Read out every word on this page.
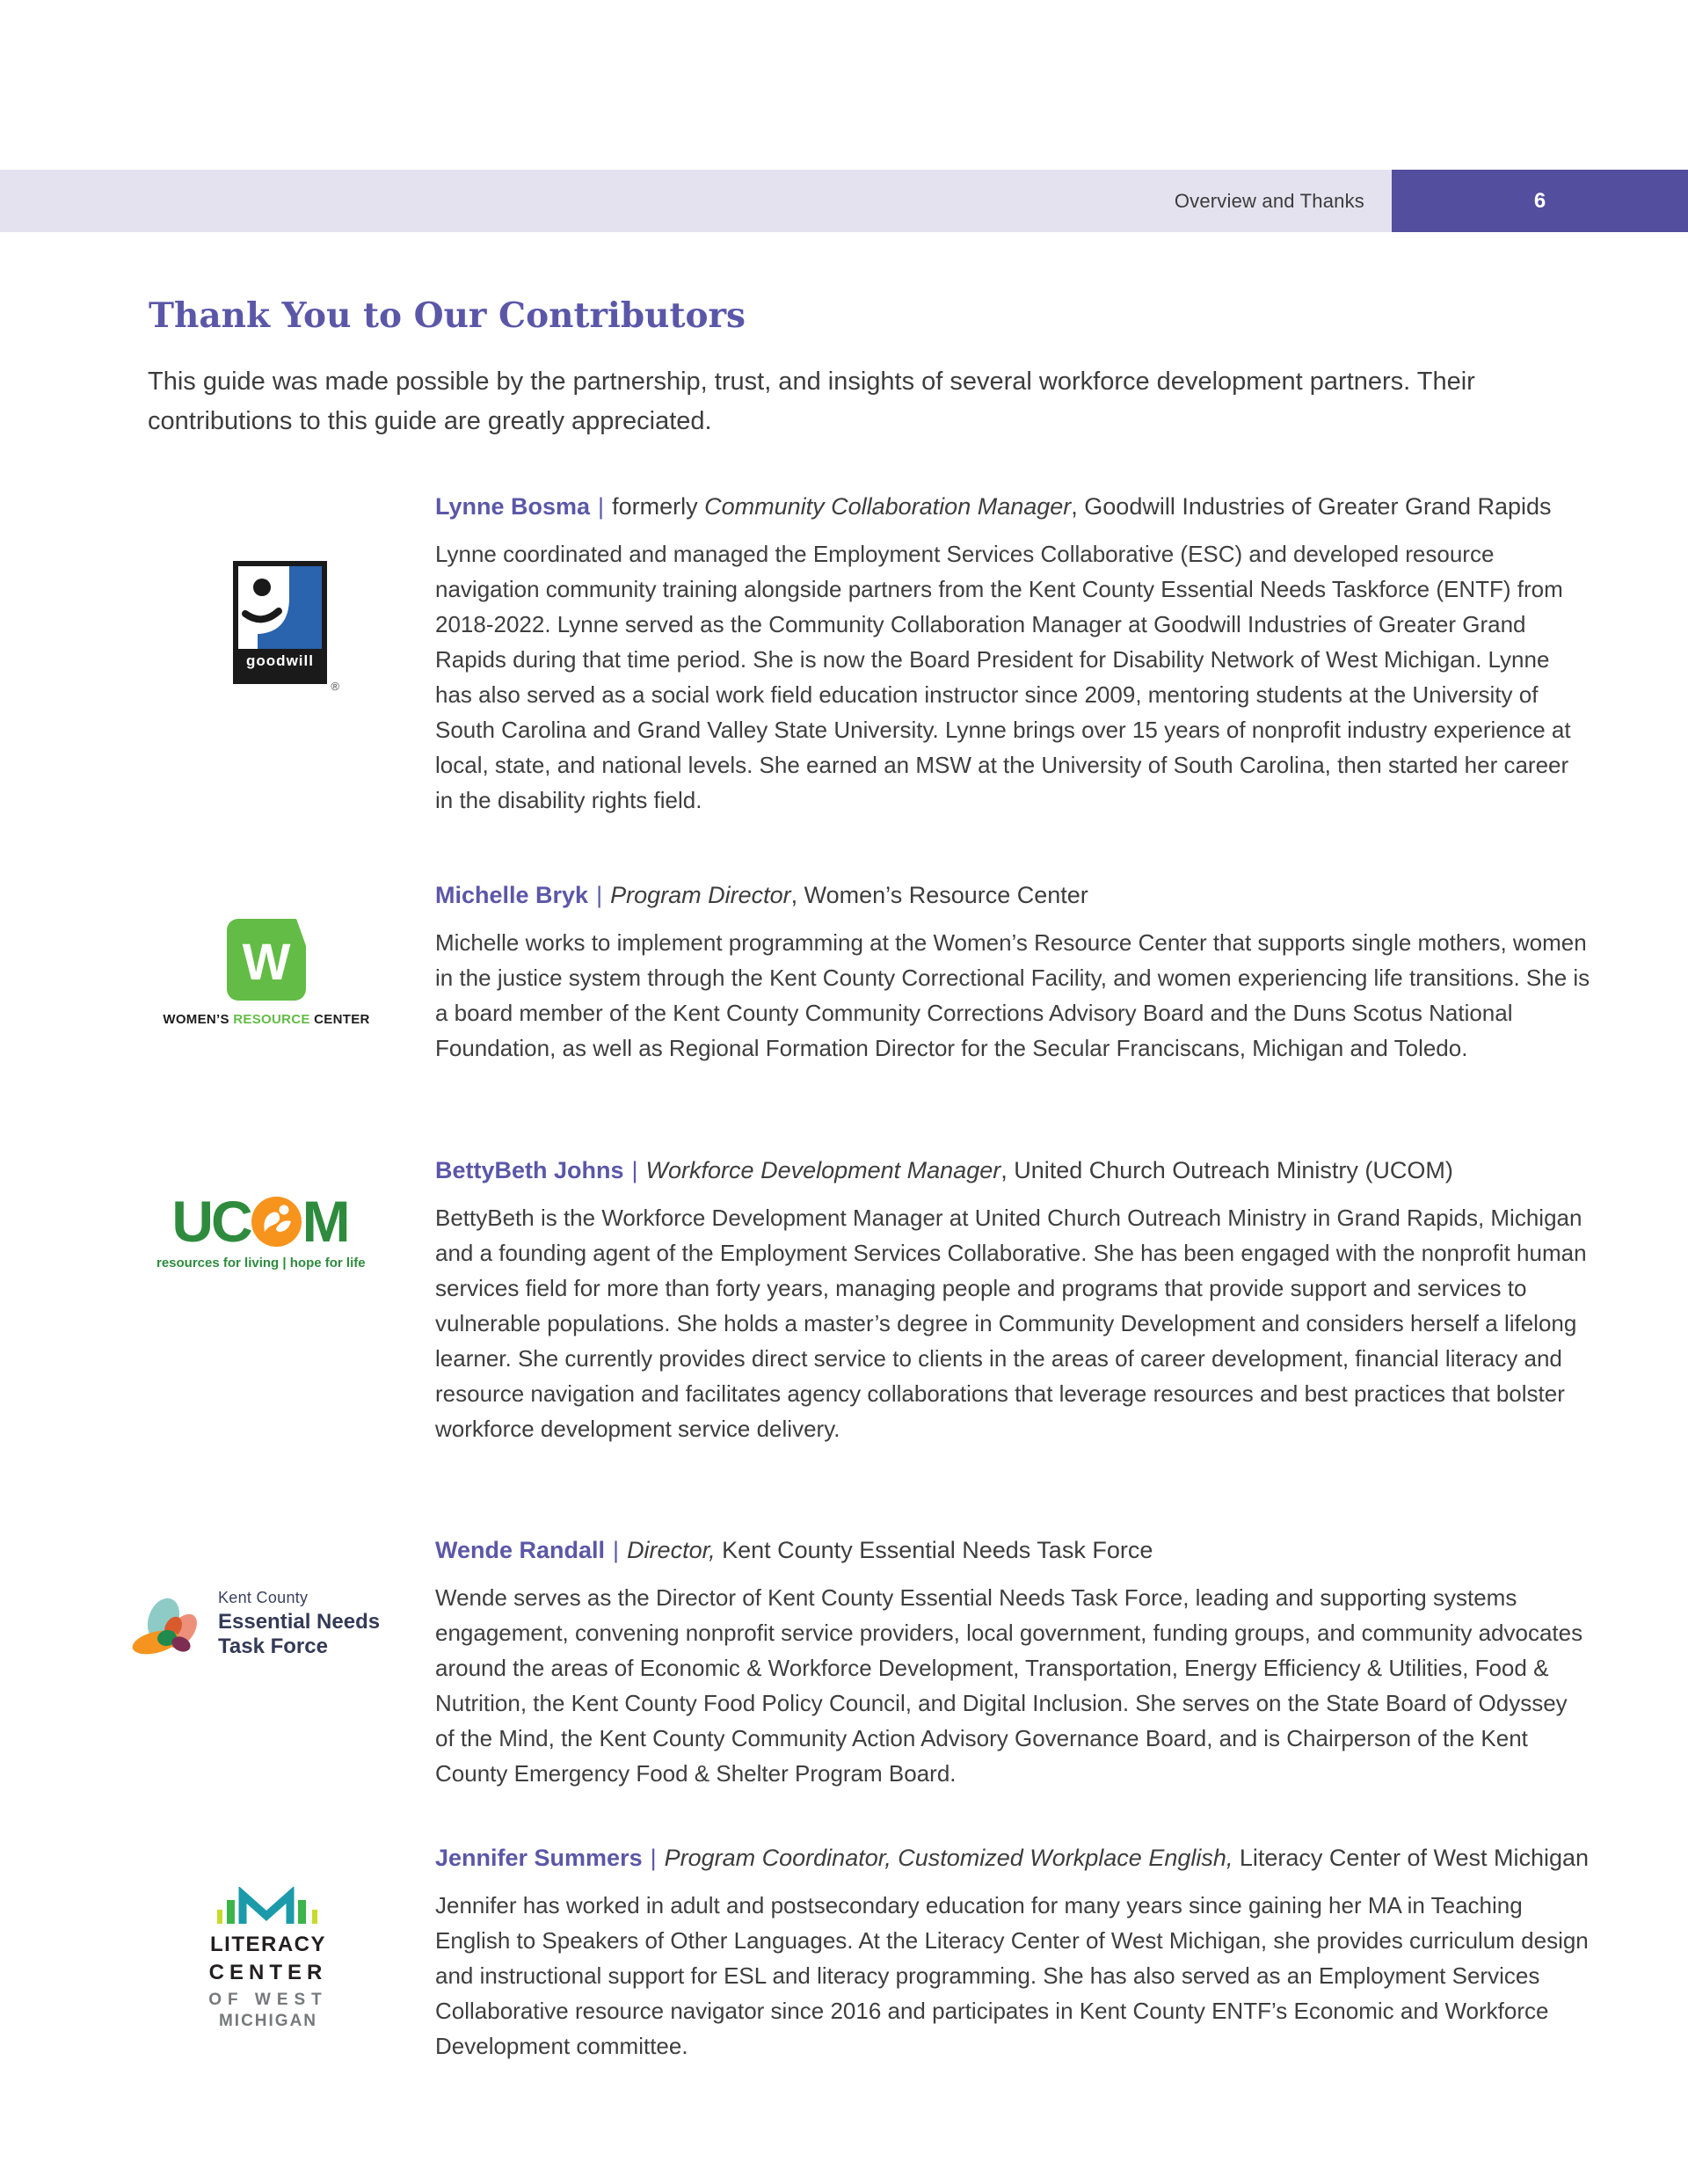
Overview and Thanks	6
Thank You to Our Contributors

This guide was made possible by the partnership, trust, and insights of several workforce development partners. Their contributions to this guide are greatly appreciated.

goodwill
®
Lynne Bosma | formerly Community Collaboration Manager, Goodwill Industries of Greater Grand Rapids

Lynne coordinated and managed the Employment Services Collaborative (ESC) and developed resource navigation community training alongside partners from the Kent County Essential Needs Taskforce (ENTF) from 2018-2022. Lynne served as the Community Collaboration Manager at Goodwill Industries of Greater Grand Rapids during that time period. She is now the Board President for Disability Network of West Michigan. Lynne has also served as a social work field education instructor since 2009, mentoring students at the University of South Carolina and Grand Valley State University. Lynne brings over 15 years of nonprofit industry experience at local, state, and national levels. She earned an MSW at the University of South Carolina, then started her career in the disability rights field.

W
WOMEN’S RESOURCE CENTER
Michelle Bryk | Program Director, Women’s Resource Center

Michelle works to implement programming at the Women’s Resource Center that supports single mothers, women in the justice system through the Kent County Correctional Facility, and women experiencing life transitions. She is a board member of the Kent County Community Corrections Advisory Board and the Duns Scotus National Foundation, as well as Regional Formation Director for the Secular Franciscans, Michigan and Toledo.

UC M
resources for living | hope for life
BettyBeth Johns | Workforce Development Manager, United Church Outreach Ministry (UCOM)

BettyBeth is the Workforce Development Manager at United Church Outreach Ministry in Grand Rapids, Michigan and a founding agent of the Employment Services Collaborative. She has been engaged with the nonprofit human services field for more than forty years, managing people and programs that provide support and services to vulnerable populations. She holds a master’s degree in Community Development and considers herself a lifelong learner. She currently provides direct service to clients in the areas of career development, financial literacy and resource navigation and facilitates agency collaborations that leverage resources and best practices that bolster workforce development service delivery.

Kent County
Essential Needs
Task Force
Wende Randall | Director, Kent County Essential Needs Task Force

Wende serves as the Director of Kent County Essential Needs Task Force, leading and supporting systems engagement, convening nonprofit service providers, local government, funding groups, and community advocates around the areas of Economic & Workforce Development, Transportation, Energy Efficiency & Utilities, Food & Nutrition, the Kent County Food Policy Council, and Digital Inclusion. She serves on the State Board of Odyssey of the Mind, the Kent County Community Action Advisory Governance Board, and is Chairperson of the Kent County Emergency Food & Shelter Program Board.

LITERACY
CENTER
OF WEST
MICHIGAN
Jennifer Summers | Program Coordinator, Customized Workplace English, Literacy Center of West Michigan

Jennifer has worked in adult and postsecondary education for many years since gaining her MA in Teaching English to Speakers of Other Languages. At the Literacy Center of West Michigan, she provides curriculum design and instructional support for ESL and literacy programming. She has also served as an Employment Services Collaborative resource navigator since 2016 and participates in Kent County ENTF’s Economic and Workforce Development committee.
